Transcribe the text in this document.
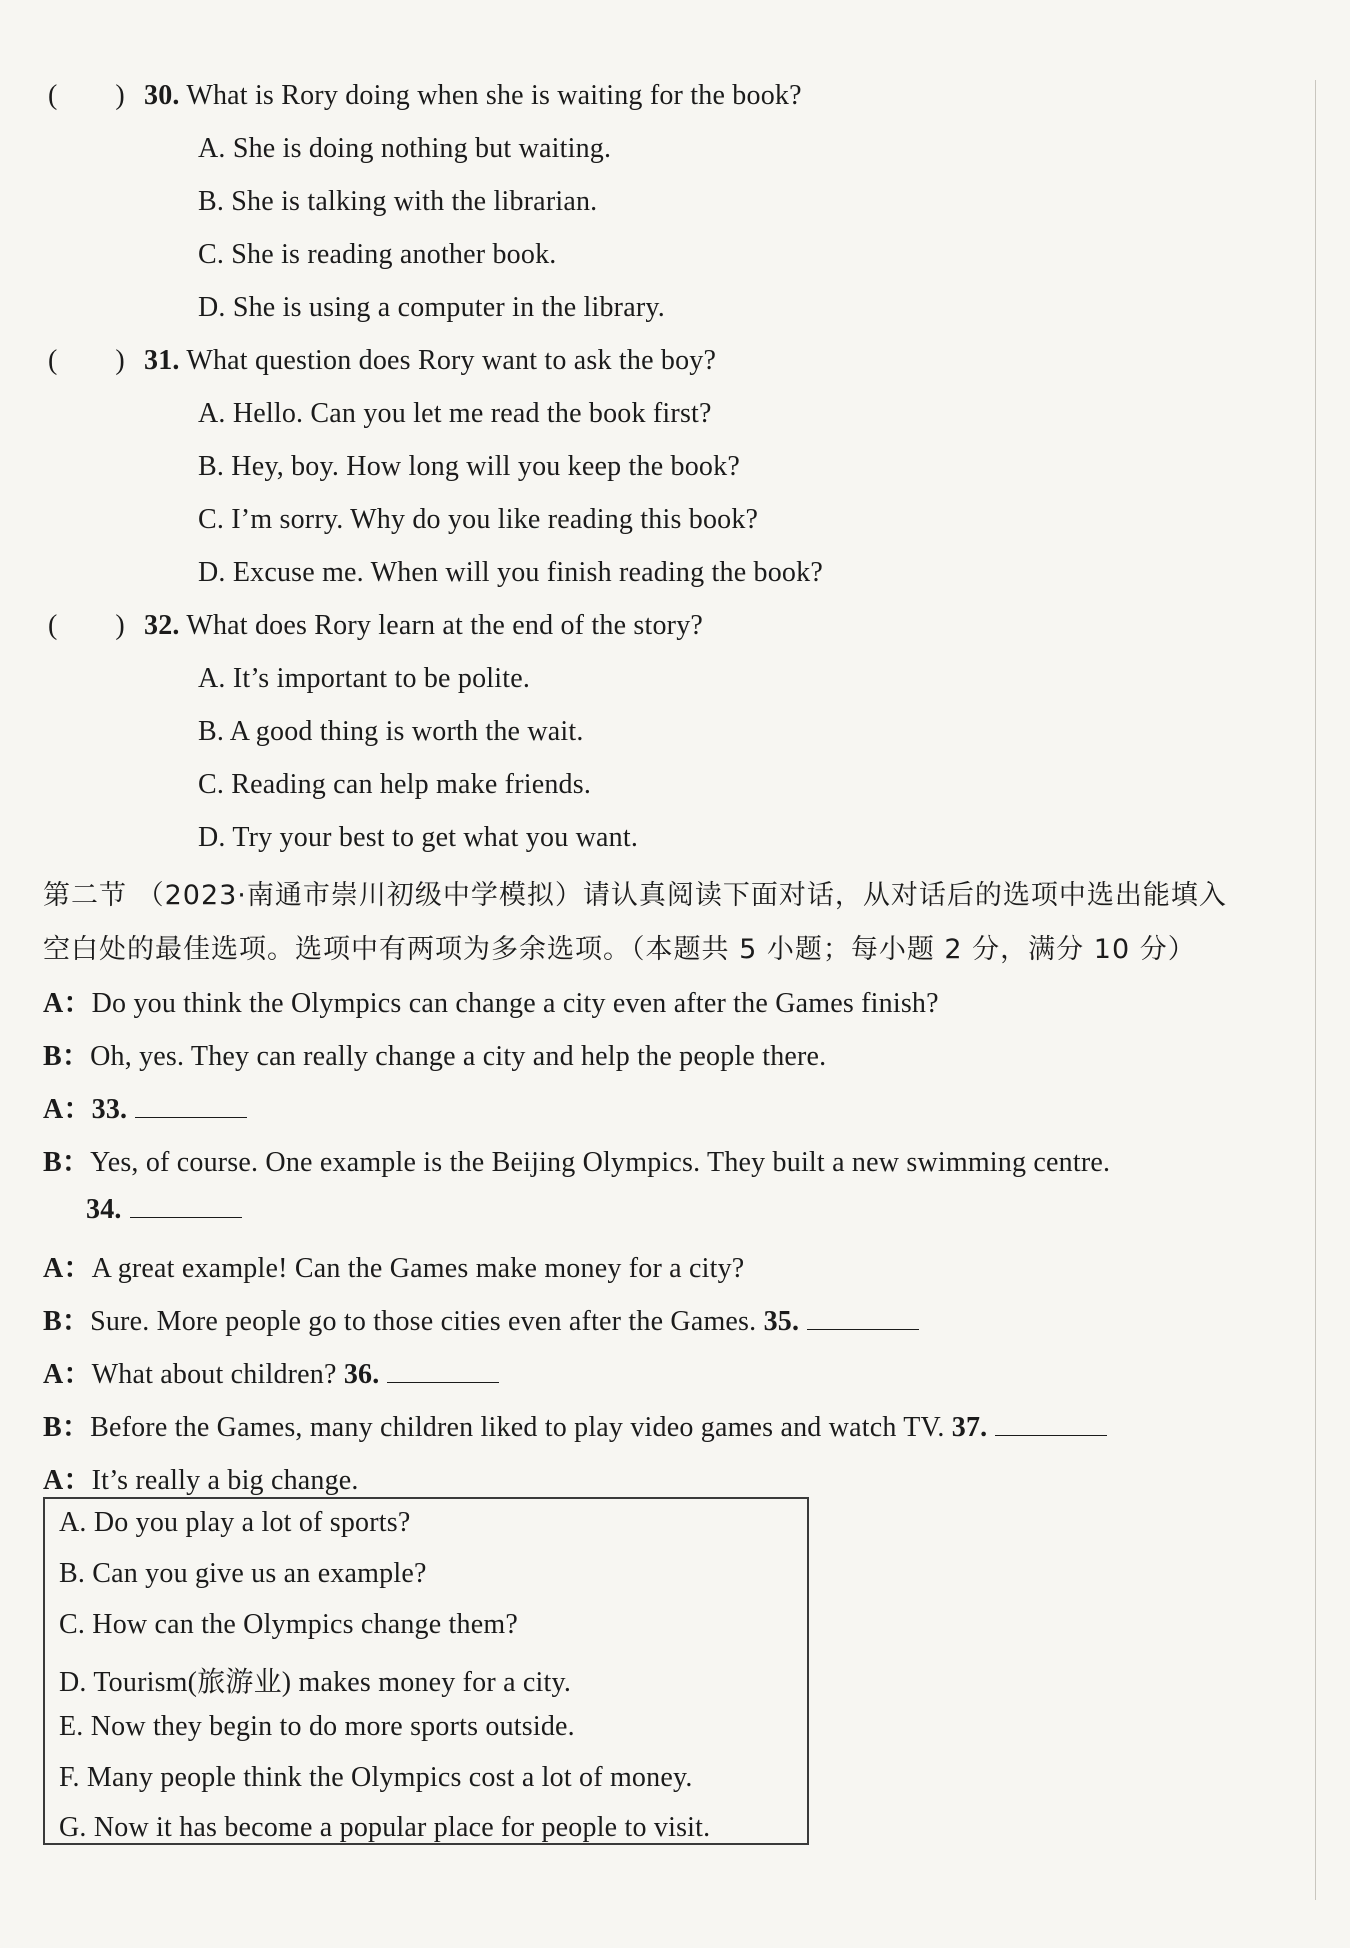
( ) 30. What is Rory doing when she is waiting for the book?
A. She is doing nothing but waiting.
B. She is talking with the librarian.
C. She is reading another book.
D. She is using a computer in the library.
( ) 31. What question does Rory want to ask the boy?
A. Hello. Can you let me read the book first?
B. Hey, boy. How long will you keep the book?
C. I’m sorry. Why do you like reading this book?
D. Excuse me. When will you finish reading the book?
( ) 32. What does Rory learn at the end of the story?
A. It’s important to be polite.
B. A good thing is worth the wait.
C. Reading can help make friends.
D. Try your best to get what you want.
第二节 （2023·南通市崇川初级中学模拟）请认真阅读下面对话，从对话后的选项中选出能填入
空白处的最佳选项。选项中有两项为多余选项。（本题共 5 小题；每小题 2 分，满分 10 分）
A：Do you think the Olympics can change a city even after the Games finish?
B：Oh, yes. They can really change a city and help the people there.
A：33.
B：Yes, of course. One example is the Beijing Olympics. They built a new swimming centre.
34.
A：A great example! Can the Games make money for a city?
B：Sure. More people go to those cities even after the Games. 35.
A：What about children? 36.
B：Before the Games, many children liked to play video games and watch TV. 37.
A：It’s really a big change.
A. Do you play a lot of sports?
B. Can you give us an example?
C. How can the Olympics change them?
D. Tourism(旅游业) makes money for a city.
E. Now they begin to do more sports outside.
F. Many people think the Olympics cost a lot of money.
G. Now it has become a popular place for people to visit.
